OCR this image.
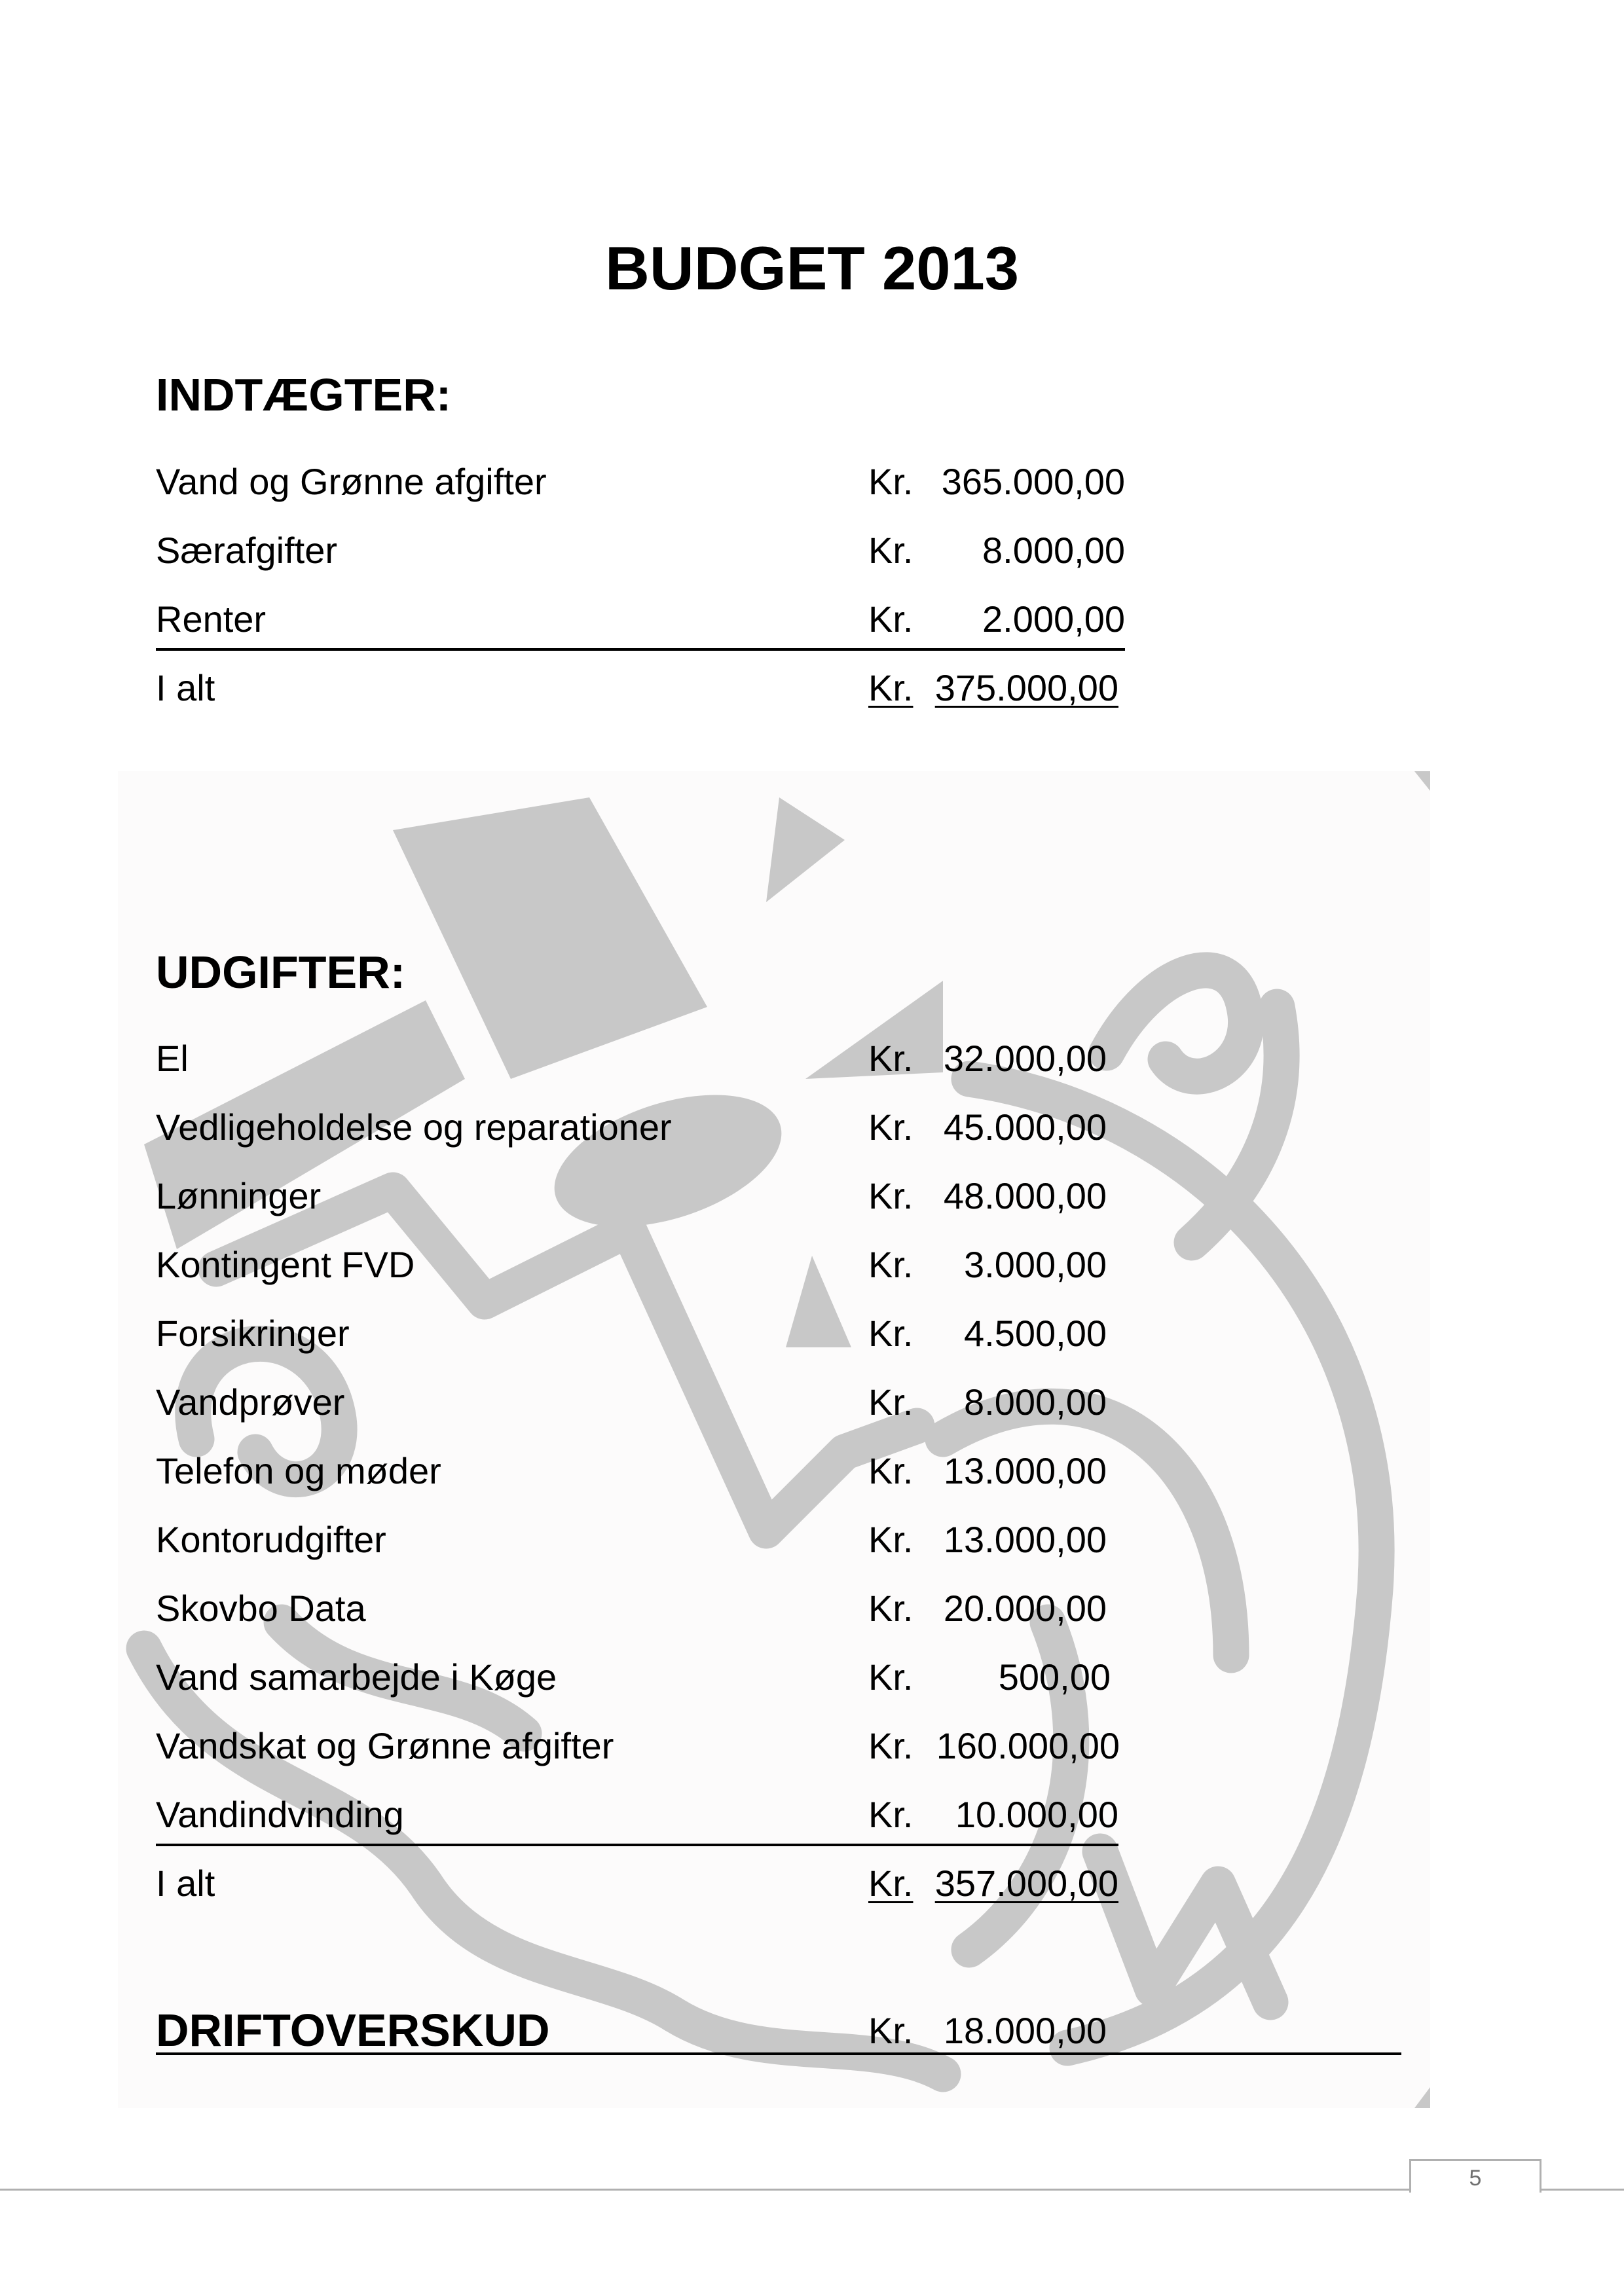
BUDGET 2013
INDTÆGTER:
Vand og Grønne afgifter	Kr. 365.000,00
Særafgifter	Kr. 8.000,00
Renter	Kr. 2.000,00
I alt	Kr. 375.000,00
UDGIFTER:
El	Kr. 32.000,00
Vedligeholdelse og reparationer	Kr. 45.000,00
Lønninger	Kr. 48.000,00
Kontingent FVD	Kr. 3.000,00
Forsikringer	Kr. 4.500,00
Vandprøver	Kr. 8.000,00
Telefon og møder	Kr. 13.000,00
Kontorudgifter	Kr. 13.000,00
Skovbo Data	Kr. 20.000,00
Vand samarbejde i Køge	Kr. 500,00
Vandskat og Grønne afgifter	Kr. 160.000,00
Vandindvinding	Kr. 10.000,00
I alt	Kr. 357.000,00
DRIFTOVERSKUD	Kr. 18.000,00
5
